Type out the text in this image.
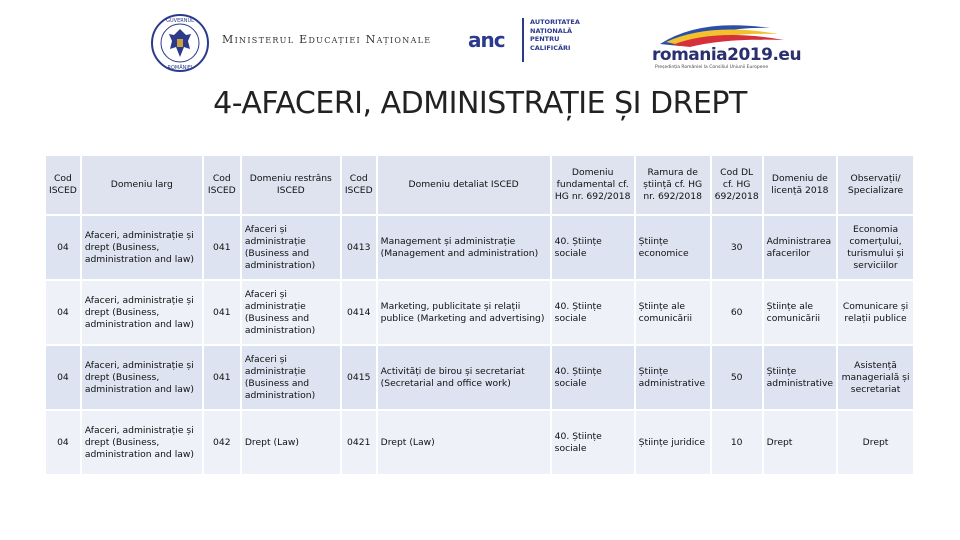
GUVERNUL
ROMÂNIEI
Ministerul Educației Naționale anc
AUTORITATEA NAȚIONALĂ PENTRU CALIFICĂRI	romania2019.eu
Președinția României la Consiliul Uniunii Europene
4-AFACERI, ADMINISTRAȚIE ȘI DREPT
Cod ISCED	Domeniu larg	Cod ISCED	Domeniu restrâns ISCED	Cod ISCED	Domeniu detaliat ISCED	Domeniu fundamental cf. HG nr. 692/2018	Ramura de știință cf. HG nr. 692/2018	Cod DL cf. HG 692/2018	Domeniu de licență 2018	Observații/ Specializare
04	Afaceri, administrație și drept (Business, administration and law)	041	Afaceri și administrație (Business and administration)	0413	Management și administrație (Management and administration)	40. Științe sociale	Științe economice	30	Administrarea afacerilor	Economia comerțului, turismului și serviciilor
04	Afaceri, administrație și drept (Business, administration and law)	041	Afaceri și administrație (Business and administration)	0414	Marketing, publicitate și relații publice (Marketing and advertising)	40. Științe sociale	Științe ale comunicării	60	Științe ale comunicării	Comunicare și relații publice
04	Afaceri, administrație și drept (Business, administration and law)	041	Afaceri și administrație (Business and administration)	0415	Activități de birou și secretariat (Secretarial and office work)	40. Științe sociale	Științe administrative	50	Științe administrative	Asistență managerială și secretariat
04	Afaceri, administrație și drept (Business, administration and law)	042	Drept (Law)	0421	Drept (Law)	40. Științe sociale	Științe juridice	10	Drept	Drept
